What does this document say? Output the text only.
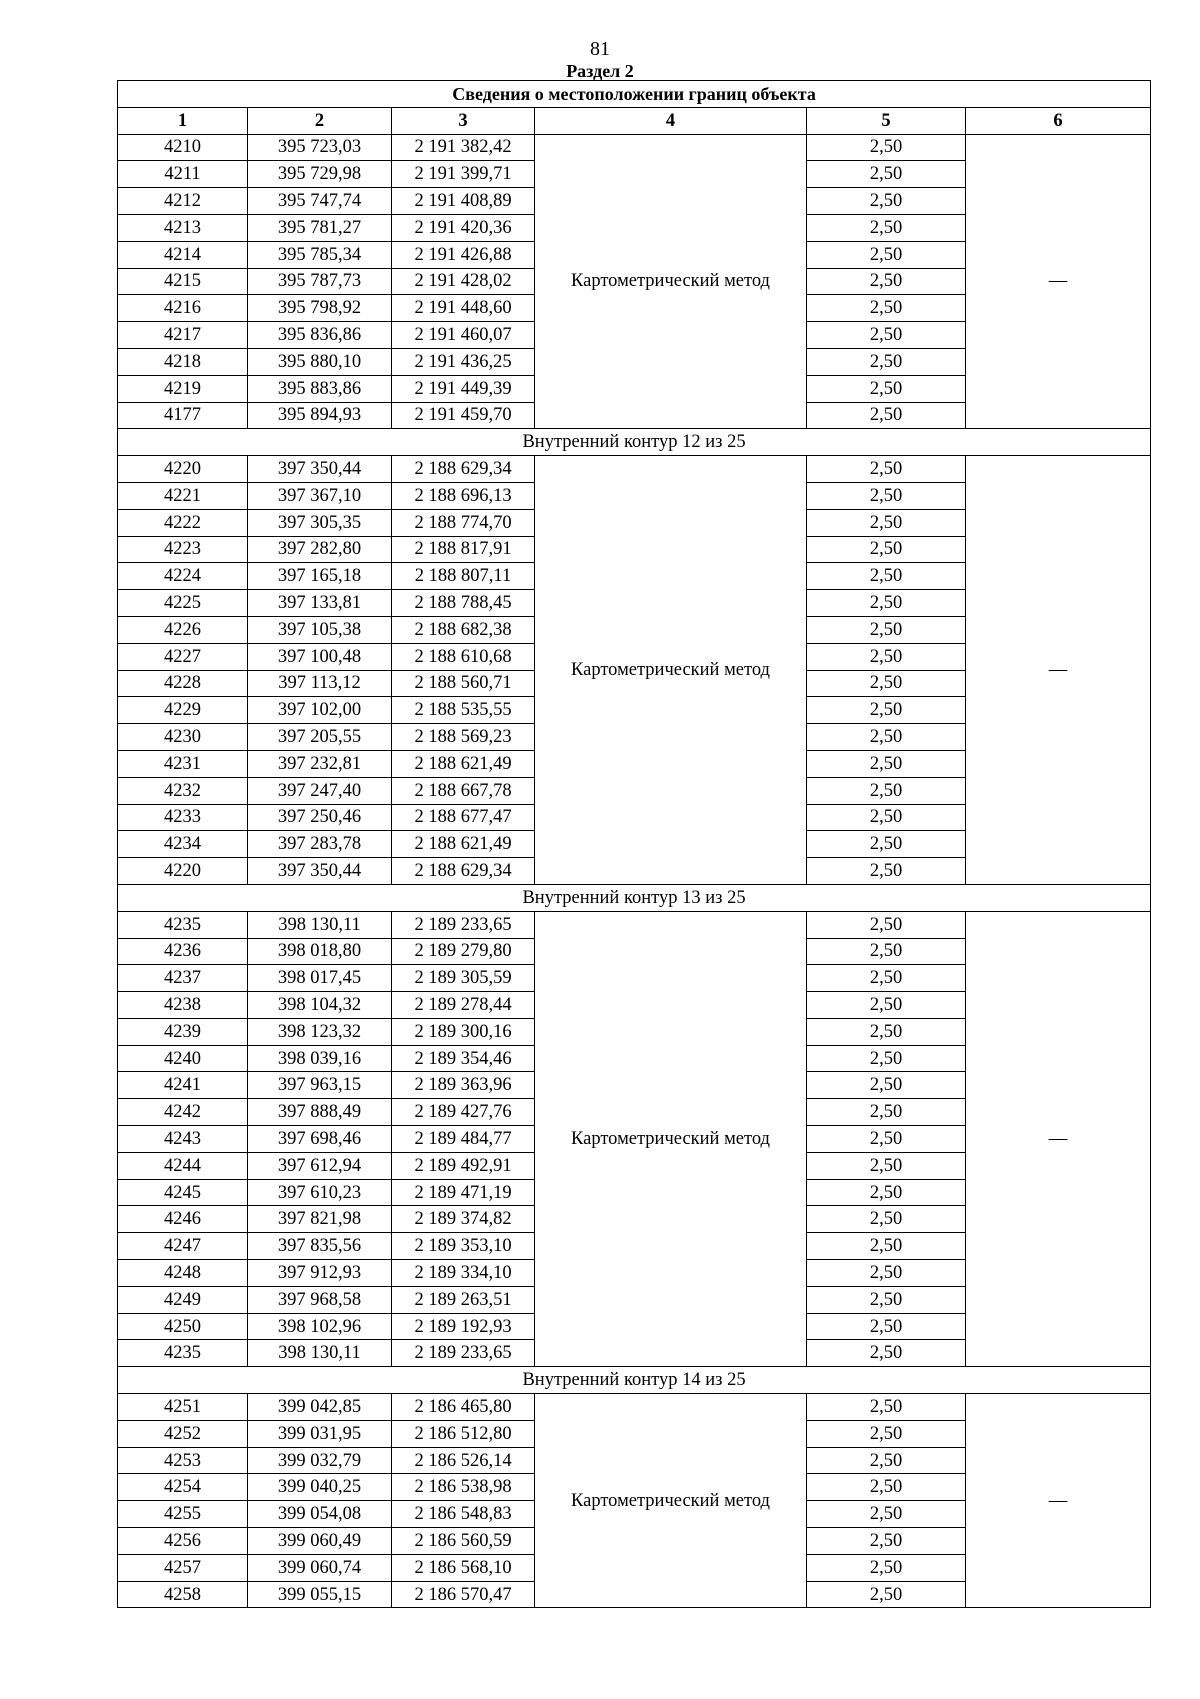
81
Раздел 2
Сведения о местоположении границ объекта					
1	2	3	4	5	6
4210	395 723,03	2 191 382,42	Картометрический метод	2,50	—
4211	395 729,98	2 191 399,71		2,50	
4212	395 747,74	2 191 408,89		2,50	
4213	395 781,27	2 191 420,36		2,50	
4214	395 785,34	2 191 426,88		2,50	
4215	395 787,73	2 191 428,02		2,50	
4216	395 798,92	2 191 448,60		2,50	
4217	395 836,86	2 191 460,07		2,50	
4218	395 880,10	2 191 436,25		2,50	
4219	395 883,86	2 191 449,39		2,50	
4177	395 894,93	2 191 459,70		2,50	
Внутренний контур 12 из 25					
4220	397 350,44	2 188 629,34	Картометрический метод	2,50	—
4221	397 367,10	2 188 696,13		2,50	
4222	397 305,35	2 188 774,70		2,50	
4223	397 282,80	2 188 817,91		2,50	
4224	397 165,18	2 188 807,11		2,50	
4225	397 133,81	2 188 788,45		2,50	
4226	397 105,38	2 188 682,38		2,50	
4227	397 100,48	2 188 610,68		2,50	
4228	397 113,12	2 188 560,71		2,50	
4229	397 102,00	2 188 535,55		2,50	
4230	397 205,55	2 188 569,23		2,50	
4231	397 232,81	2 188 621,49		2,50	
4232	397 247,40	2 188 667,78		2,50	
4233	397 250,46	2 188 677,47		2,50	
4234	397 283,78	2 188 621,49		2,50	
4220	397 350,44	2 188 629,34		2,50	
Внутренний контур 13 из 25					
4235	398 130,11	2 189 233,65	Картометрический метод	2,50	—
4236	398 018,80	2 189 279,80		2,50	
4237	398 017,45	2 189 305,59		2,50	
4238	398 104,32	2 189 278,44		2,50	
4239	398 123,32	2 189 300,16		2,50	
4240	398 039,16	2 189 354,46		2,50	
4241	397 963,15	2 189 363,96		2,50	
4242	397 888,49	2 189 427,76		2,50	
4243	397 698,46	2 189 484,77		2,50	
4244	397 612,94	2 189 492,91		2,50	
4245	397 610,23	2 189 471,19		2,50	
4246	397 821,98	2 189 374,82		2,50	
4247	397 835,56	2 189 353,10		2,50	
4248	397 912,93	2 189 334,10		2,50	
4249	397 968,58	2 189 263,51		2,50	
4250	398 102,96	2 189 192,93		2,50	
4235	398 130,11	2 189 233,65		2,50	
Внутренний контур 14 из 25					
4251	399 042,85	2 186 465,80	Картометрический метод	2,50	—
4252	399 031,95	2 186 512,80		2,50	
4253	399 032,79	2 186 526,14		2,50	
4254	399 040,25	2 186 538,98		2,50	
4255	399 054,08	2 186 548,83		2,50	
4256	399 060,49	2 186 560,59		2,50	
4257	399 060,74	2 186 568,10		2,50	
4258	399 055,15	2 186 570,47		2,50	
